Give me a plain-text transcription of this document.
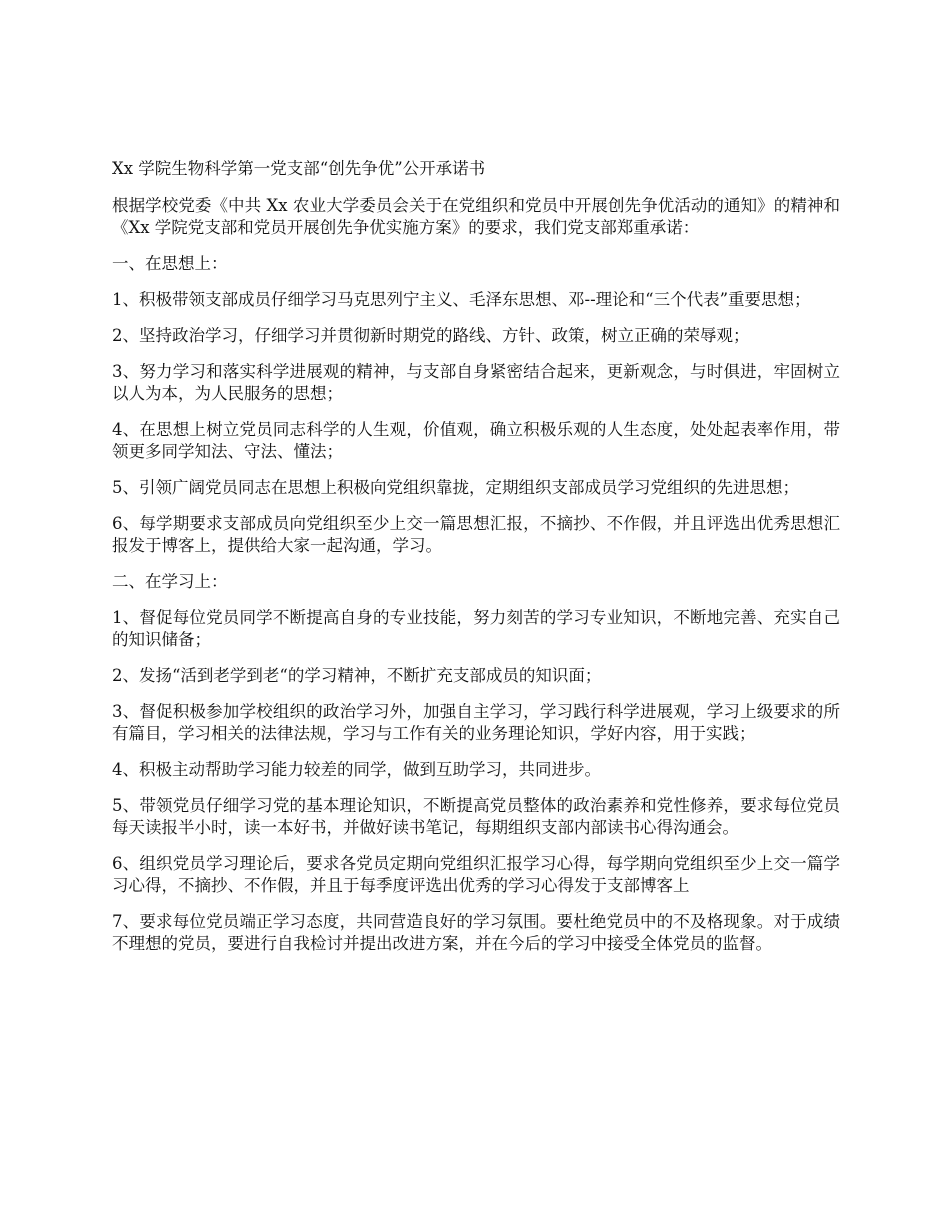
Xx 学院生物科学第一党支部“创先争优”公开承诺书
根据学校党委《中共 Xx 农业大学委员会关于在党组织和党员中开展创先争优活动的通知》的精神和《Xx 学院党支部和党员开展创先争优实施方案》的要求，我们党支部郑重承诺：
一、在思想上：
1、积极带领支部成员仔细学习马克思列宁主义、毛泽东思想、邓--理论和“三个代表”重要思想；
2、坚持政治学习，仔细学习并贯彻新时期党的路线、方针、政策，树立正确的荣辱观；
3、努力学习和落实科学进展观的精神，与支部自身紧密结合起来，更新观念，与时俱进，牢固树立以人为本，为人民服务的思想；
4、在思想上树立党员同志科学的人生观，价值观，确立积极乐观的人生态度，处处起表率作用，带领更多同学知法、守法、懂法；
5、引领广阔党员同志在思想上积极向党组织靠拢，定期组织支部成员学习党组织的先进思想；
6、每学期要求支部成员向党组织至少上交一篇思想汇报，不摘抄、不作假，并且评选出优秀思想汇报发于博客上，提供给大家一起沟通，学习。
二、在学习上：
1、督促每位党员同学不断提高自身的专业技能，努力刻苦的学习专业知识，不断地完善、充实自己的知识储备；
2、发扬“活到老学到老“的学习精神，不断扩充支部成员的知识面；
3、督促积极参加学校组织的政治学习外，加强自主学习，学习践行科学进展观，学习上级要求的所有篇目，学习相关的法律法规，学习与工作有关的业务理论知识，学好内容，用于实践；
4、积极主动帮助学习能力较差的同学，做到互助学习，共同进步。
5、带领党员仔细学习党的基本理论知识，不断提高党员整体的政治素养和党性修养，要求每位党员每天读报半小时，读一本好书，并做好读书笔记，每期组织支部内部读书心得沟通会。
6、组织党员学习理论后，要求各党员定期向党组织汇报学习心得，每学期向党组织至少上交一篇学习心得，不摘抄、不作假，并且于每季度评选出优秀的学习心得发于支部博客上
7、要求每位党员端正学习态度，共同营造良好的学习氛围。要杜绝党员中的不及格现象。对于成绩不理想的党员，要进行自我检讨并提出改进方案，并在今后的学习中接受全体党员的监督。
